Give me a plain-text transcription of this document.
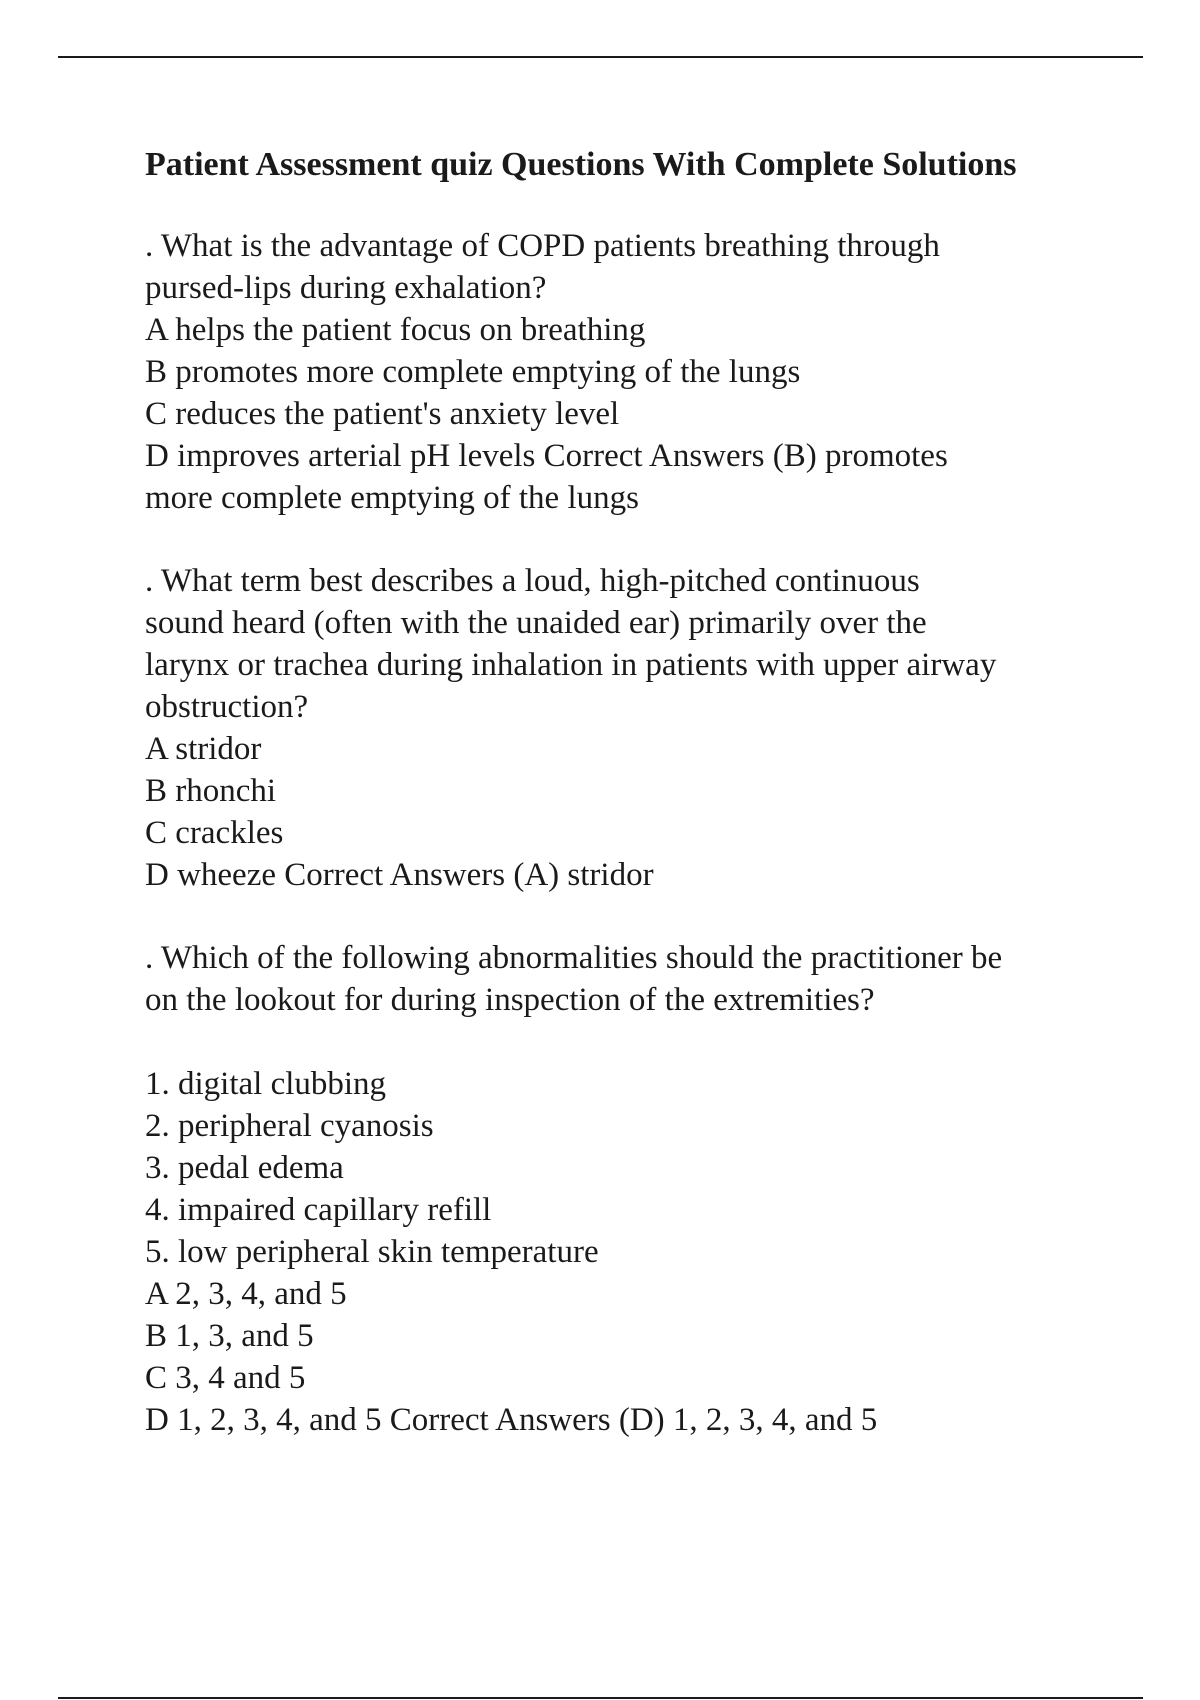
Patient Assessment quiz Questions With Complete Solutions
. What is the advantage of COPD patients breathing through
pursed-lips during exhalation?
A helps the patient focus on breathing
B promotes more complete emptying of the lungs
C reduces the patient's anxiety level
D improves arterial pH levels Correct Answers (B) promotes
more complete emptying of the lungs
. What term best describes a loud, high-pitched continuous
sound heard (often with the unaided ear) primarily over the
larynx or trachea during inhalation in patients with upper airway
obstruction?
A stridor
B rhonchi
C crackles
D wheeze Correct Answers (A) stridor
. Which of the following abnormalities should the practitioner be
on the lookout for during inspection of the extremities?
1. digital clubbing
2. peripheral cyanosis
3. pedal edema
4. impaired capillary refill
5. low peripheral skin temperature
A 2, 3, 4, and 5
B 1, 3, and 5
C 3, 4 and 5
D 1, 2, 3, 4, and 5 Correct Answers (D) 1, 2, 3, 4, and 5
